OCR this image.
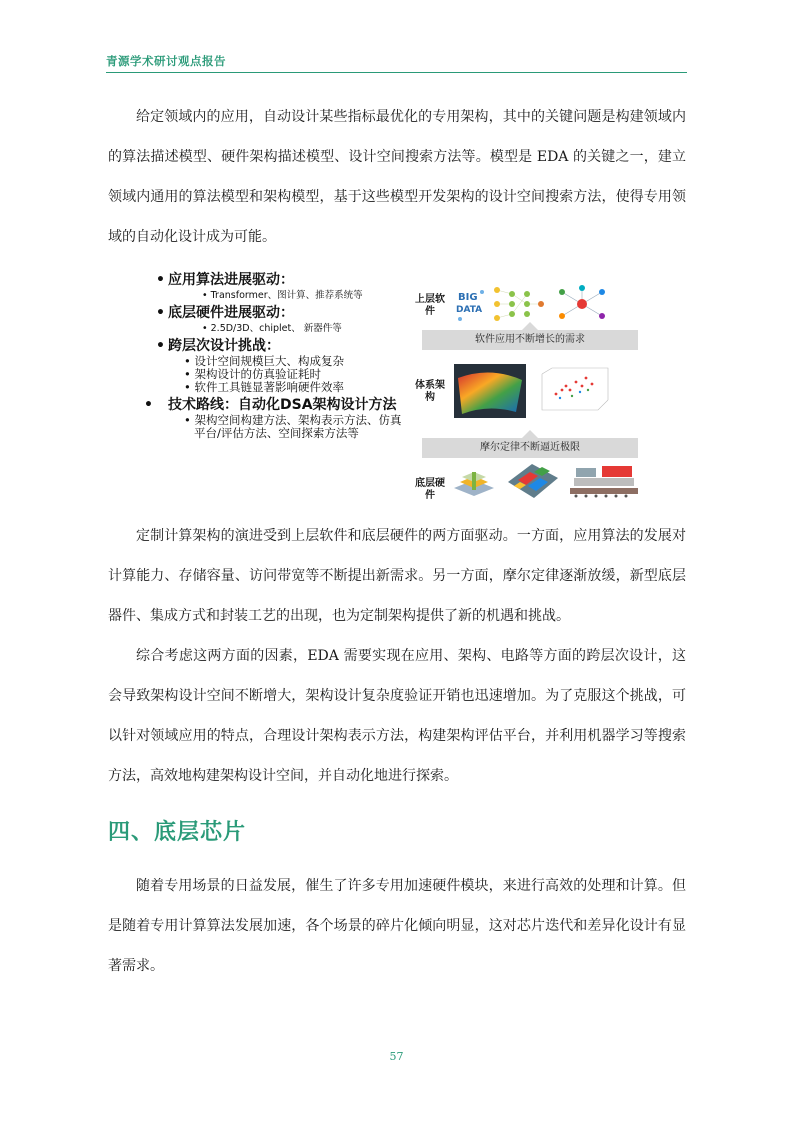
青源学术研讨观点报告

给定领域内的应用，自动设计某些指标最优化的专用架构，其中的关键问题是构建领域内的算法描述模型、硬件架构描述模型、设计空间搜索方法等。模型是 EDA 的关键之一，建立领域内通用的算法模型和架构模型，基于这些模型开发架构的设计空间搜索方法，使得专用领域的自动化设计成为可能。

• 应用算法进展驱动：

• Transformer、图计算、推荐系统等

• 底层硬件进展驱动：

• 2.5D/3D、chiplet、 新器件等

• 跨层次设计挑战：

• 设计空间规模巨大、构成复杂

• 架构设计的仿真验证耗时

• 软件工具链显著影响硬件效率

• 技术路线：自动化DSA架构设计方法

• 架构空间构建方法、架构表示方法、仿真平台/评估方法、空间探索方法等

上层软件
BIG
DATA
软件应用不断增长的需求
体系架构
摩尔定律不断逼近极限
底层硬件

定制计算架构的演进受到上层软件和底层硬件的两方面驱动。一方面，应用算法的发展对计算能力、存储容量、访问带宽等不断提出新需求。另一方面，摩尔定律逐渐放缓，新型底层器件、集成方式和封装工艺的出现，也为定制架构提供了新的机遇和挑战。

综合考虑这两方面的因素，EDA 需要实现在应用、架构、电路等方面的跨层次设计，这会导致架构设计空间不断增大，架构设计复杂度验证开销也迅速增加。为了克服这个挑战，可以针对领域应用的特点，合理设计架构表示方法，构建架构评估平台，并利用机器学习等搜索方法，高效地构建架构设计空间，并自动化地进行探索。

四、底层芯片

随着专用场景的日益发展，催生了许多专用加速硬件模块，来进行高效的处理和计算。但是随着专用计算算法发展加速，各个场景的碎片化倾向明显，这对芯片迭代和差异化设计有显著需求。

57
